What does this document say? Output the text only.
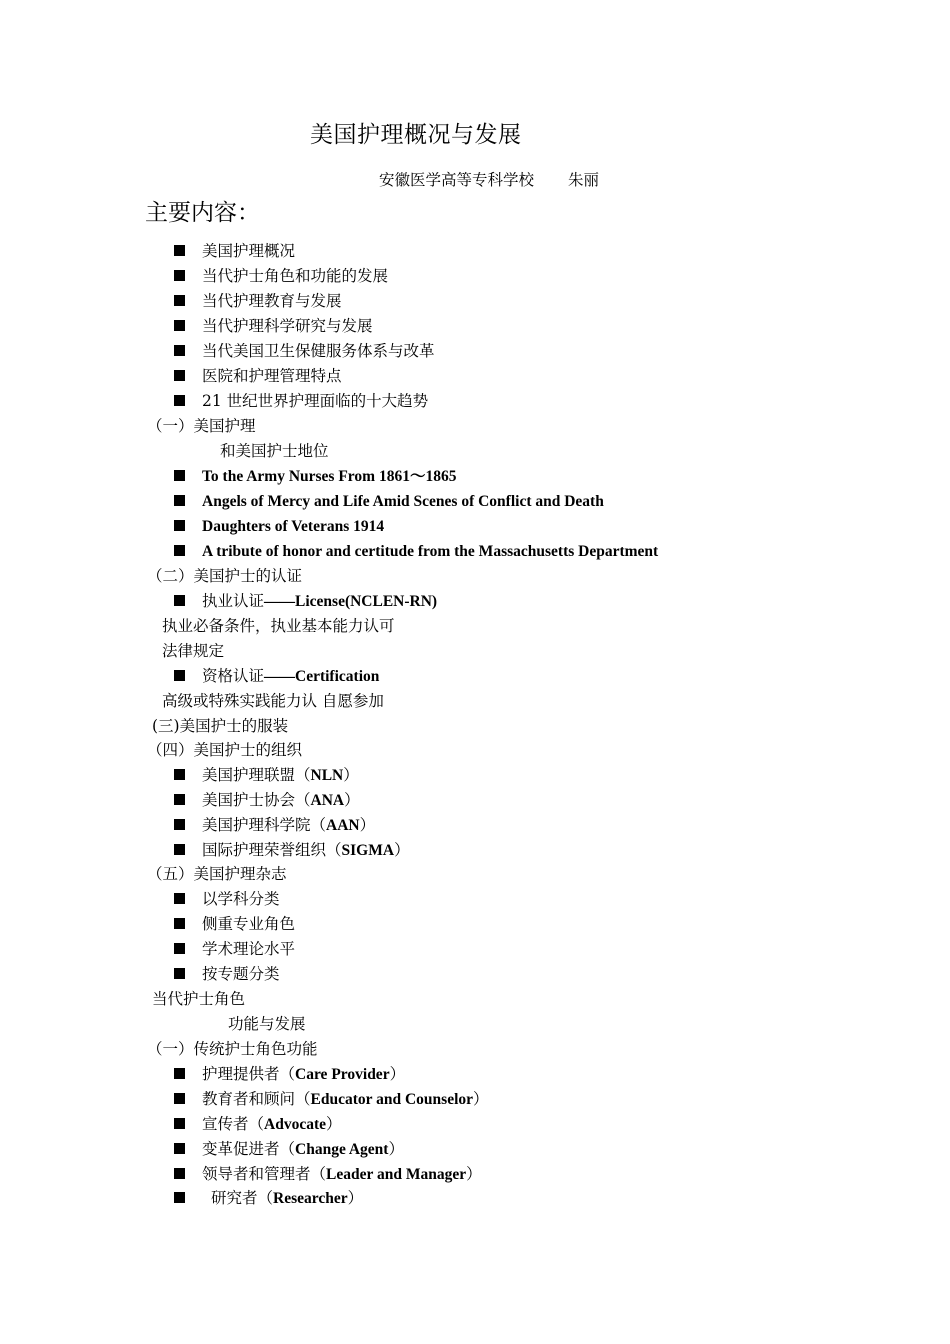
美国护理概况与发展
安徽医学高等专科学校 朱丽
主要内容：
美国护理概况
当代护士角色和功能的发展
当代护理教育与发展
当代护理科学研究与发展
当代美国卫生保健服务体系与改革
医院和护理管理特点
21 世纪世界护理面临的十大趋势
（一）美国护理
和美国护士地位
To the Army Nurses From 1861～1865
Angels of Mercy and Life Amid Scenes of Conflict and Death
Daughters of Veterans 1914
A tribute of honor and certitude from the Massachusetts Department
（二）美国护士的认证
执业认证——License(NCLEN-RN)
执业必备条件，执业基本能力认可
法律规定
资格认证——Certification
高级或特殊实践能力认 自愿参加
(三)美国护士的服装
（四）美国护士的组织
美国护理联盟（NLN）
美国护士协会（ANA）
美国护理科学院（AAN）
国际护理荣誉组织（SIGMA）
（五）美国护理杂志
以学科分类
侧重专业角色
学术理论水平
按专题分类
当代护士角色
功能与发展
（一）传统护士角色功能
护理提供者（Care Provider）
教育者和顾问（Educator and Counselor）
宣传者（Advocate）
变革促进者（Change Agent）
领导者和管理者（Leader and Manager）
研究者（Researcher）
